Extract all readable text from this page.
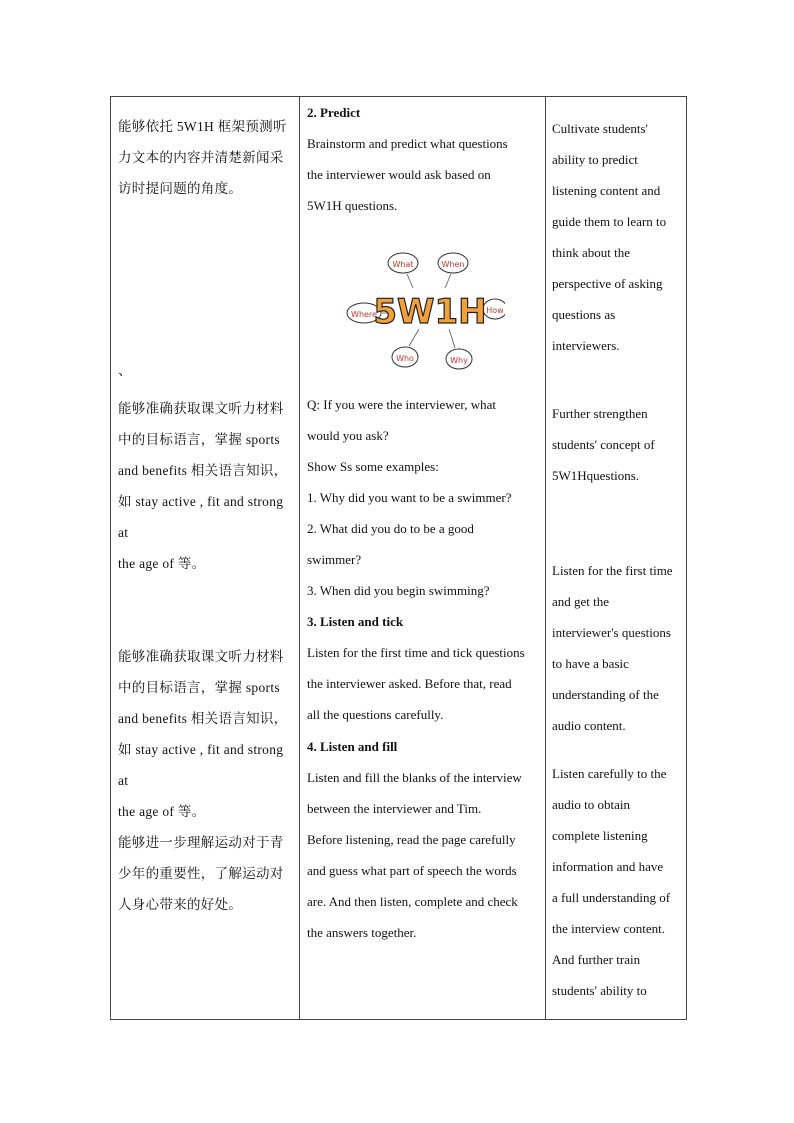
能够依托 5W1H 框架预测听
力文本的内容并清楚新闻采
访时提问题的角度。
、
能够准确获取课文听力材料
中的目标语言，掌握 sports
and benefits 相关语言知识，
如 stay active , fit and strong at
the age of 等。
能够准确获取课文听力材料
中的目标语言，掌握 sports
and benefits 相关语言知识，
如 stay active , fit and strong at
the age of 等。
能够进一步理解运动对于青
少年的重要性，了解运动对
人身心带来的好处。
2. Predict
Brainstorm and predict what questions
the interviewer would ask based on
5W1H questions.
What	When
How
Why
Who
Where
5W1H
Q: If you were the interviewer, what
would you ask?
Show Ss some examples:
1. Why did you want to be a swimmer?
2. What did you do to be a good
swimmer?
3. When did you begin swimming?
3. Listen and tick
Listen for the first time and tick questions
the interviewer asked. Before that, read
all the questions carefully.
4. Listen and fill
Listen and fill the blanks of the interview
between the interviewer and Tim.
Before listening, read the page carefully
and guess what part of speech the words
are. And then listen, complete and check
the answers together.
Cultivate students'
ability to predict
listening content and
guide them to learn to
think about the
perspective of asking
questions as
interviewers.
Further strengthen
students' concept of
5W1Hquestions.
Listen for the first time
and get the
interviewer's questions
to have a basic
understanding of the
audio content.
Listen carefully to the
audio to obtain
complete listening
information and have
a full understanding of
the interview content.
And further train
students' ability to
